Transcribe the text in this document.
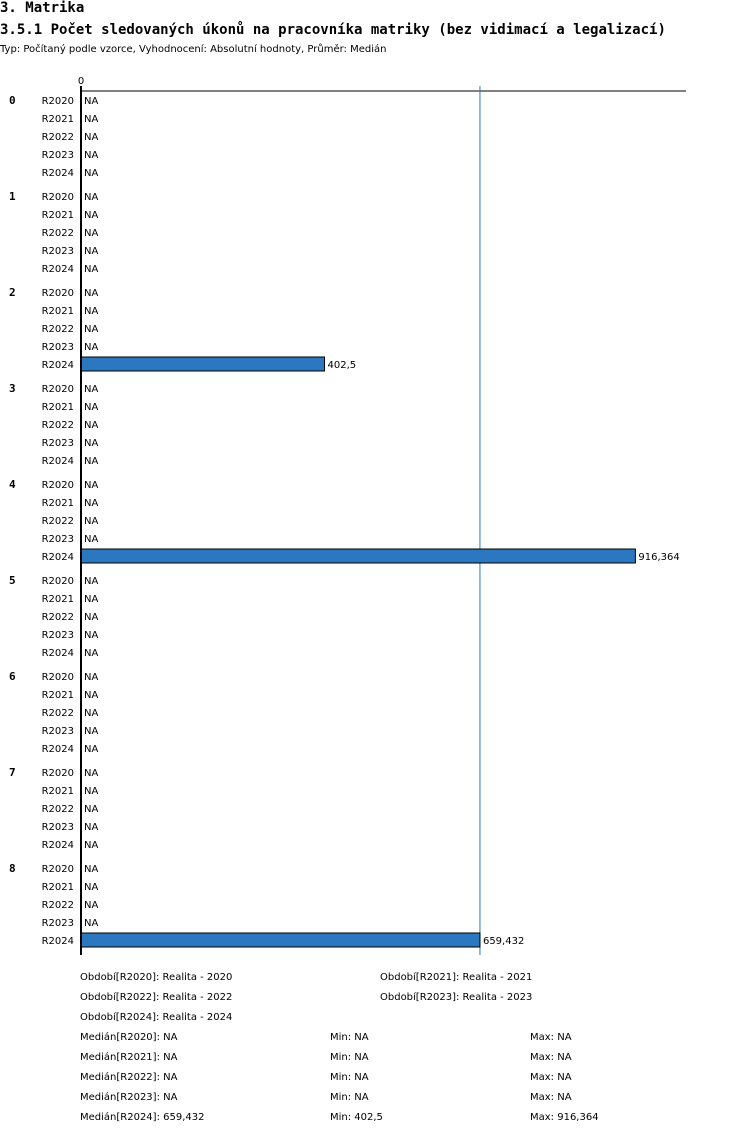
3. Matrika
3.5.1 Počet sledovaných úkonů na pracovníka matriky (bez vidimací a legalizací)
Typ: Počítaný podle vzorce, Vyhodnocení: Absolutní hodnoty, Průměr: Medián
0
0	R2020 NA
R2021 NA
R2022 NA
R2023 NA
R2024 NA
1	R2020 NA
R2021 NA
R2022 NA
R2023 NA
R2024 NA
2	R2020 NA
R2021 NA
R2022 NA
R2023 NA
R2024	402,5
3	R2020 NA
R2021 NA
R2022 NA
R2023 NA
R2024 NA
4	R2020 NA
R2021 NA
R2022 NA
R2023 NA
R2024	916,364
5	R2020 NA
R2021 NA
R2022 NA
R2023 NA
R2024 NA
6	R2020 NA
R2021 NA
R2022 NA
R2023 NA
R2024 NA
7	R2020 NA
R2021 NA
R2022 NA
R2023 NA
R2024 NA
8	R2020 NA
R2021 NA
R2022 NA
R2023 NA
R2024	659,432
Období[R2020]: Realita - 2020	Období[R2021]: Realita - 2021
Období[R2022]: Realita - 2022	Období[R2023]: Realita - 2023
Období[R2024]: Realita - 2024
Medián[R2020]: NA	Min: NA	Max: NA
Medián[R2021]: NA	Min: NA	Max: NA
Medián[R2022]: NA	Min: NA	Max: NA
Medián[R2023]: NA	Min: NA	Max: NA
Medián[R2024]: 659,432	Min: 402,5	Max: 916,364
